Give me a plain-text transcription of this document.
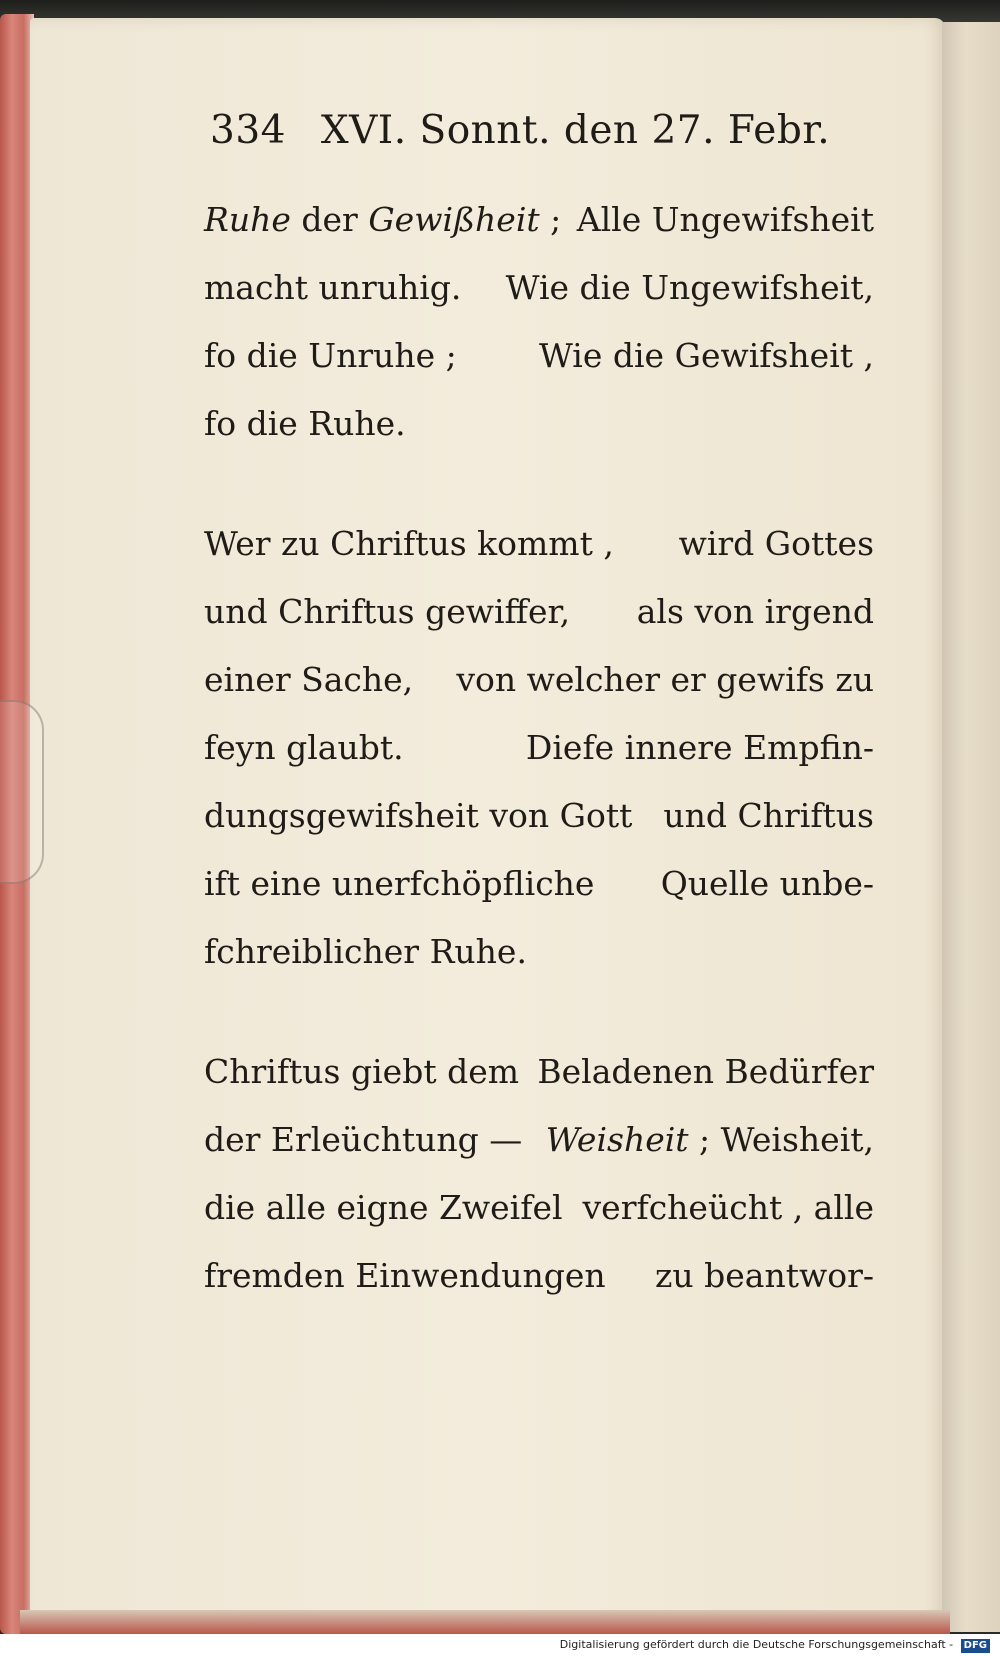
334 XVI. Sonnt. den 27. Febr.
Ruhe der Gewißheit ; Alle Ungewifsheit
macht unruhig. Wie die Ungewifsheit,
fo die Unruhe ; Wie die Gewifsheit ,
fo die Ruhe.
Wer zu Chriftus kommt , wird Gottes
und Chriftus gewiffer, als von irgend
einer Sache, von welcher er gewifs zu
feyn glaubt.	Diefe innere Empfin-
dungsgewifsheit von Gott und Chriftus
ift eine unerfchöpfliche Quelle unbe-
fchreiblicher Ruhe.
Chriftus giebt dem Beladenen Bedürfer
der Erleüchtung — Weisheit ; Weisheit,
die alle eigne Zweifel verfcheücht , alle
fremden Einwendungen zu beantwor-
Digitalisierung gefördert durch die Deutsche Forschungsgemeinschaft - DFG
